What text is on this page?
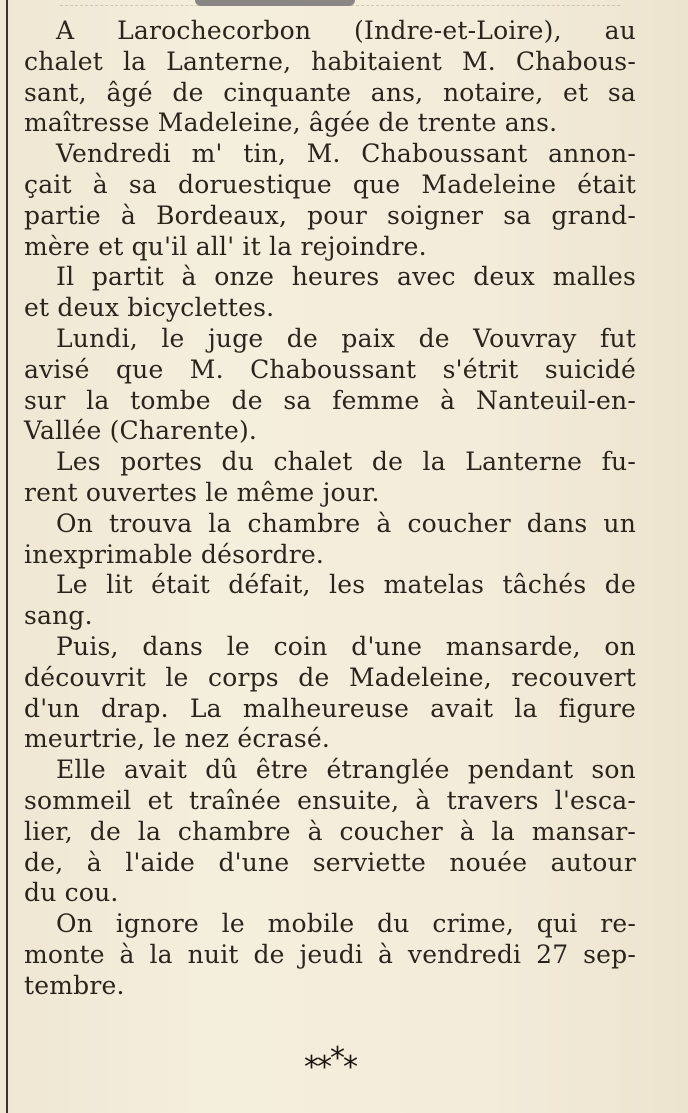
A Larochecorbon (Indre-et-Loire), au
chalet la Lanterne, habitaient M. Chabous-
sant, âgé de cinquante ans, notaire, et sa
maîtresse Madeleine, âgée de trente ans.
Vendredi m' tin, M. Chaboussant annon-
çait à sa doruestique que Madeleine était
partie à Bordeaux, pour soigner sa grand-
mère et qu'il all' it la rejoindre.
Il partit à onze heures avec deux malles
et deux bicyclettes.
Lundi, le juge de paix de Vouvray fut
avisé que M. Chaboussant s'étrit suicidé
sur la tombe de sa femme à Nanteuil-en-
Vallée (Charente).
Les portes du chalet de la Lanterne fu-
rent ouvertes le même jour.
On trouva la chambre à coucher dans un
inexprimable désordre.
Le lit était défait, les matelas tâchés de
sang.
Puis, dans le coin d'une mansarde, on
découvrit le corps de Madeleine, recouvert
d'un drap. La malheureuse avait la figure
meurtrie, le nez écrasé.
Elle avait dû être étranglée pendant son
sommeil et traînée ensuite, à travers l'esca-
lier, de la chambre à coucher à la mansar-
de, à l'aide d'une serviette nouée autour
du cou.
On ignore le mobile du crime, qui re-
monte à la nuit de jeudi à vendredi 27 sep-
tembre.
****
